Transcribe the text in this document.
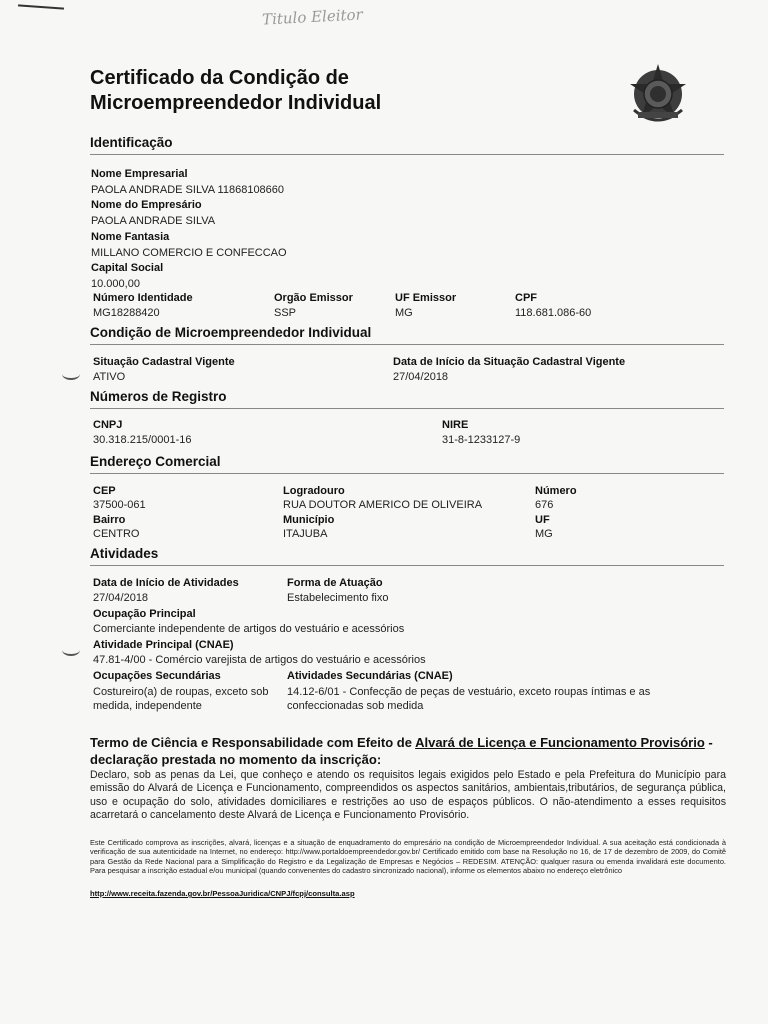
Titulo Eleitor
Certificado da Condição de
Microempreendedor Individual
Identificação
Nome Empresarial
PAOLA ANDRADE SILVA 11868108660
Nome do Empresário
PAOLA ANDRADE SILVA
Nome Fantasia
MILLANO COMERCIO E CONFECCAO
Capital Social
10.000,00
Número Identidade
MG18288420
Orgão Emissor
SSP
UF Emissor
MG
CPF
118.681.086-60
Condição de Microempreendedor Individual
Situação Cadastral Vigente
ATIVO
Data de Início da Situação Cadastral Vigente
27/04/2018
Números de Registro
CNPJ
30.318.215/0001-16
NIRE
31-8-1233127-9
Endereço Comercial
CEP
37500-061
Logradouro
RUA DOUTOR AMERICO DE OLIVEIRA
Número
676
Bairro
CENTRO
Município
ITAJUBA
UF
MG
Atividades
Data de Início de Atividades
27/04/2018
Forma de Atuação
Estabelecimento fixo
Ocupação Principal
Comerciante independente de artigos do vestuário e acessórios
Atividade Principal (CNAE)
47.81-4/00 - Comércio varejista de artigos do vestuário e acessórios
Ocupações Secundárias
Costureiro(a) de roupas, exceto sob medida, independente
Atividades Secundárias (CNAE)
14.12-6/01 - Confecção de peças de vestuário, exceto roupas íntimas e as confeccionadas sob medida
Termo de Ciência e Responsabilidade com Efeito de Alvará de Licença e Funcionamento Provisório - declaração prestada no momento da inscrição:
Declaro, sob as penas da Lei, que conheço e atendo os requisitos legais exigidos pelo Estado e pela Prefeitura do Município para emissão do Alvará de Licença e Funcionamento, compreendidos os aspectos sanitários, ambientais,tributários, de segurança pública, uso e ocupação do solo, atividades domiciliares e restrições ao uso de espaços públicos. O não-atendimento a esses requisitos acarretará o cancelamento deste Alvará de Licença e Funcionamento Provisório.
Este Certificado comprova as inscrições, alvará, licenças e a situação de enquadramento do empresário na condição de Microempreendedor Individual. A sua aceitação está condicionada à verificação de sua autenticidade na Internet, no endereço: http://www.portaldoempreendedor.gov.br/ Certificado emitido com base na Resolução no 16, de 17 de dezembro de 2009, do Comitê para Gestão da Rede Nacional para a Simplificação do Registro e da Legalização de Empresas e Negócios – REDESIM. ATENÇÃO: qualquer rasura ou emenda invalidará este documento. Para pesquisar a inscrição estadual e/ou municipal (quando convenentes do cadastro sincronizado nacional), informe os elementos abaixo no endereço eletrônico
http://www.receita.fazenda.gov.br/PessoaJuridica/CNPJ/fcpj/consulta.asp
